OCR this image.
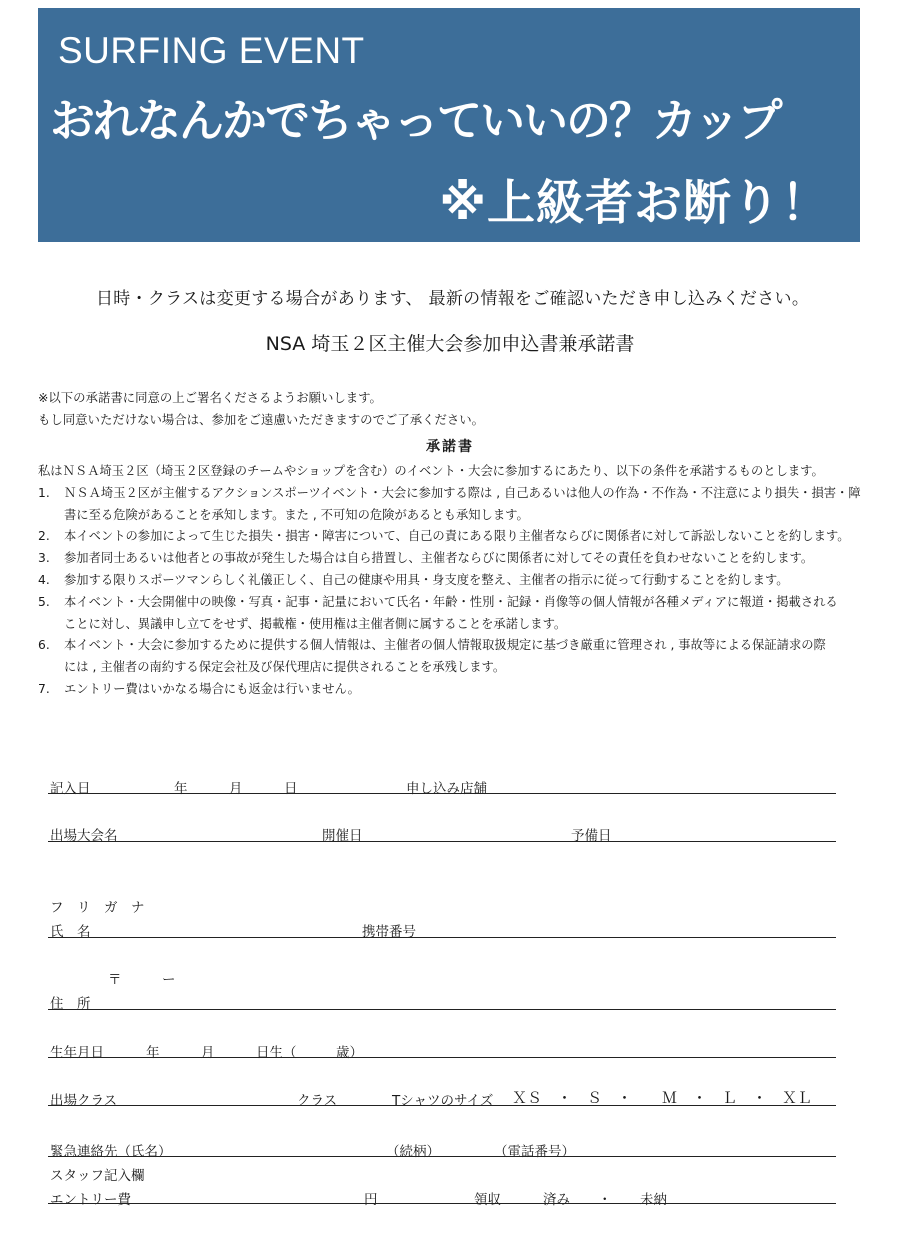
SURFING EVENT
おれなんかでちゃっていいの？カップ
※上級者お断り！
日時・クラスは変更する場合があります、 最新の情報をご確認いただき申し込みください。
NSA 埼玉２区主催大会参加申込書兼承諾書
※以下の承諾書に同意の上ご署名くださるようお願いします。
もし同意いただけない場合は、参加をご遠慮いただきますのでご了承ください。
承諾書
私はＮＳＡ埼玉２区（埼玉２区登録のチームやショップを含む）のイベント・大会に参加するにあたり、以下の条件を承諾するものとします。
1. ＮＳＡ埼玉２区が主催するアクションスポーツイベント・大会に参加する際は , 自己あるいは他人の作為・不作為・不注意により損失・損害・障
書に至る危険があることを承知します。また , 不可知の危険があるとも承知します。
2. 本イベントの参加によって生じた損失・損害・障害について、自己の責にある限り主催者ならびに関係者に対して訴訟しないことを約します。
3. 参加者同士あるいは他者との事故が発生した場合は自ら措置し、主催者ならびに関係者に対してその責任を負わせないことを約します。
4. 参加する限りスポーツマンらしく礼儀正しく、自己の健康や用具・身支度を整え、主催者の指示に従って行動することを約します。
5. 本イベント・大会開催中の映像・写真・記事・記量において氏名・年齢・性別・記録・肖像等の個人情報が各種メディアに報道・掲載される
ことに対し、異議申し立てをせず、掲載権・使用権は主催者側に属することを承諾します。
6. 本イベント・大会に参加するために提供する個人情報は、主催者の個人情報取扱規定に基づき厳重に管理され , 事故等による保証請求の際
には , 主催者の南約する保定会社及び保代理店に提供されることを承残します。
7. エントリー費はいかなる場合にも返金は行いません。
記入日	年	月	日	申し込み店舗
出場大会名	開催日	予備日
フ　リ　ガ　ナ
氏　名	携帯番号
〒	ー
住　所
生年月日	年	月	日生（	歳）
出場クラス	クラス	Tシャツのサイズ ＸＳ　・　Ｓ　・　　Ｍ　・　Ｌ　・　ＸＬ
緊急連絡先（氏名）	（続柄）	（電話番号）
スタッフ記入欄
エントリー費	円	領収	済み ・ 未納
